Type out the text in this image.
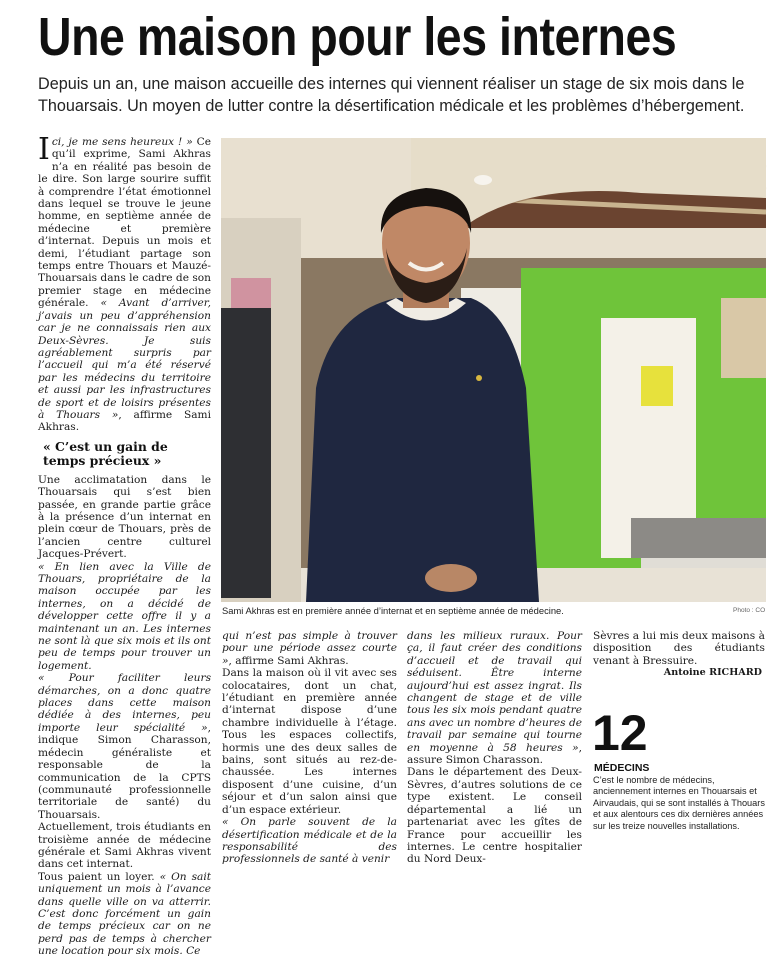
Une maison pour les internes

Depuis un an, une maison accueille des internes qui viennent réaliser un stage de six mois dans le Thouarsais. Un moyen de lutter contre la désertification médicale et les problèmes d’hébergement.

Ici, je me sens heureux ! » Ce qu’il exprime, Sami Akhras n’a en réalité pas besoin de le dire. Son large sourire suffit à comprendre l’état émotionnel dans lequel se trouve le jeune homme, en septième année de médecine et première d’internat. Depuis un mois et demi, l’étudiant partage son temps entre Thouars et Mauzé-Thouarsais dans le cadre de son premier stage en médecine générale. « Avant d’arriver, j’avais un peu d’appréhension car je ne connaissais rien aux Deux-Sèvres. Je suis agréablement surpris par l’accueil qui m’a été réservé par les médecins du territoire et aussi par les infrastructures de sport et de loisirs présentes à Thouars », affirme Sami Akhras.

« C’est un gain de temps précieux »

Une acclimatation dans le Thouarsais qui s’est bien passée, en grande partie grâce à la présence d’un internat en plein cœur de Thouars, près de l’ancien centre culturel Jacques-Prévert.

« En lien avec la Ville de Thouars, propriétaire de la maison occupée par les internes, on a décidé de développer cette offre il y a maintenant un an. Les internes ne sont là que six mois et ils ont peu de temps pour trouver un logement.

« Pour faciliter leurs démarches, on a donc quatre places dans cette maison dédiée à des internes, peu importe leur spécialité », indique Simon Charasson, médecin généraliste et responsable de la communication de la CPTS (communauté professionnelle territoriale de santé) du Thouarsais.

Actuellement, trois étudiants en troisième année de médecine générale et Sami Akhras vivent dans cet internat.

Tous paient un loyer. « On sait uniquement un mois à l’avance dans quelle ville on va atterrir. C’est donc forcément un gain de temps précieux car on ne perd pas de temps à chercher une location pour six mois. Ce

Sami Akhras est en première année d’internat et en septième année de médecine.	Photo : CO

qui n’est pas simple à trouver pour une période assez courte », affirme Sami Akhras.

Dans la maison où il vit avec ses colocataires, dont un chat, l’étudiant en première année d’internat dispose d’une chambre individuelle à l’étage. Tous les espaces collectifs, hormis une des deux salles de bains, sont situés au rez-de-chaussée. Les internes disposent d’une cuisine, d’un séjour et d’un salon ainsi que d’un espace extérieur.

« On parle souvent de la désertification médicale et de la responsabilité des professionnels de santé à venir

dans les milieux ruraux. Pour ça, il faut créer des conditions d’accueil et de travail qui séduisent. Être interne aujourd’hui est assez ingrat. Ils changent de stage et de ville tous les six mois pendant quatre ans avec un nombre d’heures de travail par semaine qui tourne en moyenne à 58 heures », assure Simon Charasson.

Dans le département des Deux-Sèvres, d’autres solutions de ce type existent. Le conseil départemental a lié un partenariat avec les gîtes de France pour accueillir les internes. Le centre hospitalier du Nord Deux-

Sèvres a lui mis deux maisons à disposition des étudiants venant à Bressuire.

Antoine RICHARD

12
MÉDECINS

C’est le nombre de médecins, anciennement internes en Thouarsais et Airvaudais, qui se sont installés à Thouars et aux alentours ces dix dernières années sur les treize nouvelles installations.
